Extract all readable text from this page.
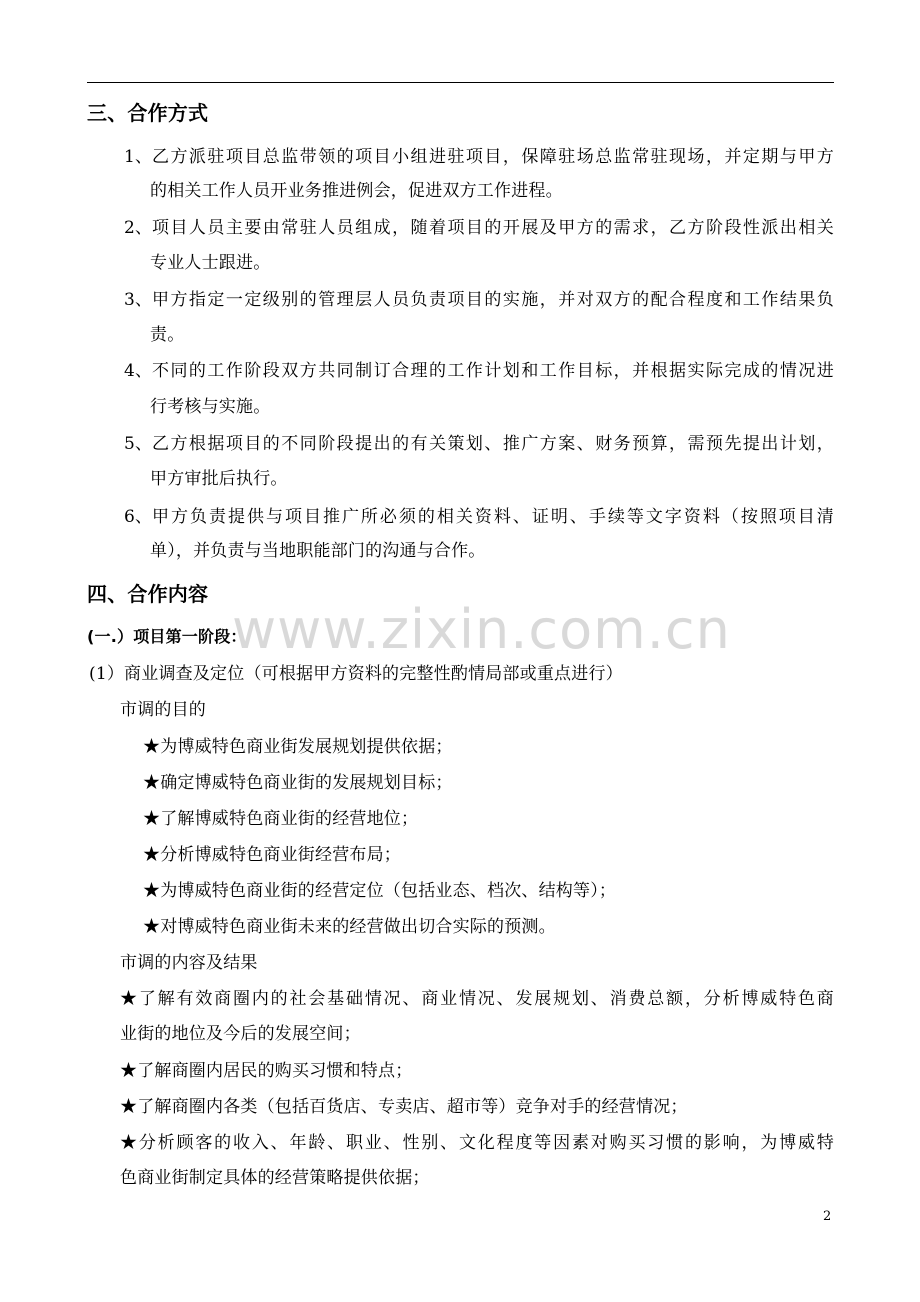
www.zixin.com.cn
三、合作方式
1、 乙方派驻项目总监带领的项目小组进驻项目，保障驻场总监常驻现场，并定期与甲方
的相关工作人员开业务推进例会，促进双方工作进程。
2、 项目人员主要由常驻人员组成，随着项目的开展及甲方的需求，乙方阶段性派出相关
专业人士跟进。
3、 甲方指定一定级别的管理层人员负责项目的实施，并对双方的配合程度和工作结果负
责。
4、 不同的工作阶段双方共同制订合理的工作计划和工作目标，并根据实际完成的情况进
行考核与实施。
5、 乙方根据项目的不同阶段提出的有关策划、推广方案、财务预算，需预先提出计划，
甲方审批后执行。
6、 甲方负责提供与项目推广所必须的相关资料、证明、手续等文字资料（按照项目清
单），并负责与当地职能部门的沟通与合作。
四、合作内容
(一.）项目第一阶段：
(1）商业调查及定位（可根据甲方资料的完整性酌情局部或重点进行）
市调的目的
★为博威特色商业街发展规划提供依据；
★确定博威特色商业街的发展规划目标；
★了解博威特色商业街的经营地位；
★分析博威特色商业街经营布局；
★为博威特色商业街的经营定位（包括业态、档次、结构等）；
★对博威特色商业街未来的经营做出切合实际的预测。
市调的内容及结果
★了解有效商圈内的社会基础情况、商业情况、发展规划、消费总额，分析博威特色商
业街的地位及今后的发展空间；
★了解商圈内居民的购买习惯和特点；
★了解商圈内各类（包括百货店、专卖店、超市等）竞争对手的经营情况；
★分析顾客的收入、年龄、职业、性别、文化程度等因素对购买习惯的影响，为博威特
色商业街制定具体的经营策略提供依据；
2
